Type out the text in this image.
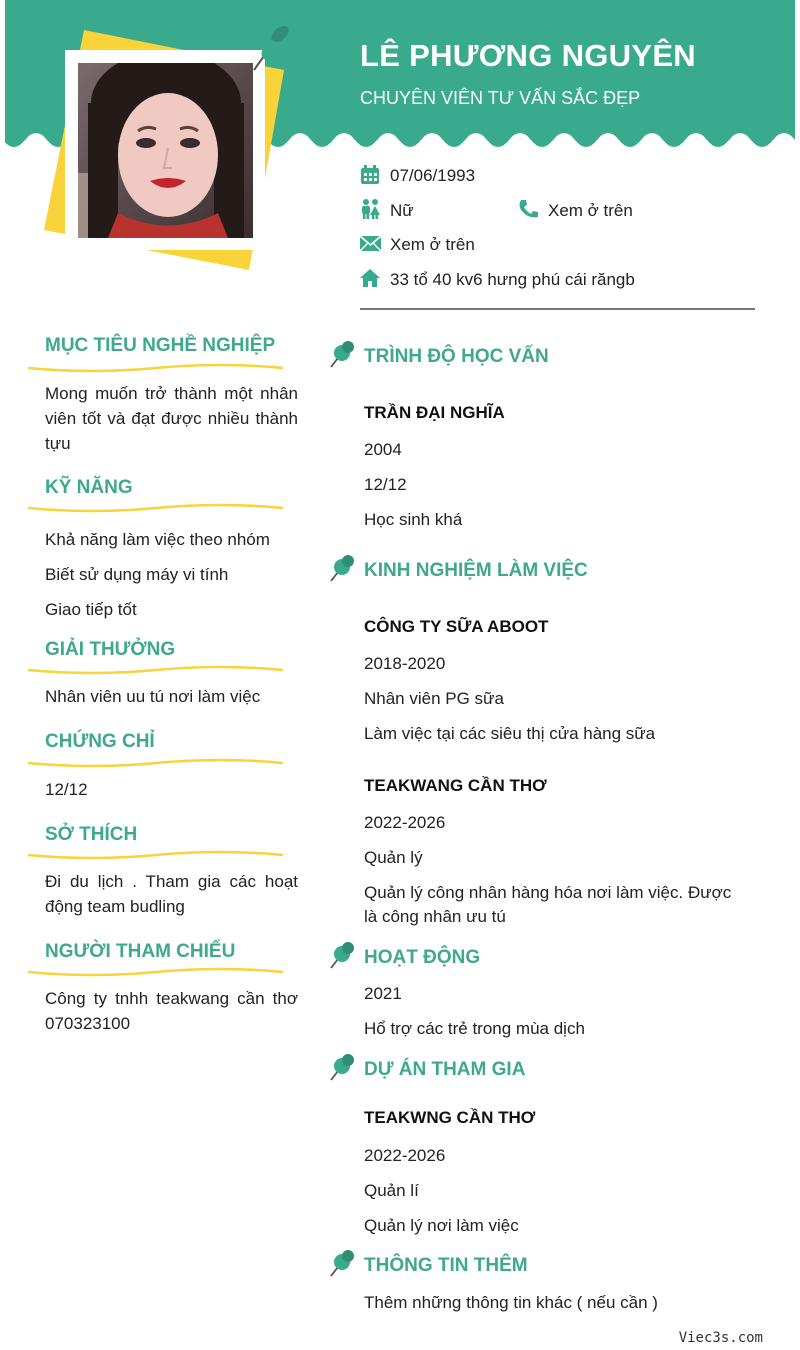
LÊ PHƯƠNG NGUYÊN
CHUYÊN VIÊN TƯ VẤN SẮC ĐẸP
07/06/1993
Nữ	Xem ở trên
Xem ở trên
33 tổ 40 kv6 hưng phú cái răngb
MỤC TIÊU NGHỀ NGHIỆP
Mong muốn trở thành một nhân viên tốt và đạt được nhiều thành tựu
KỸ NĂNG
Khả năng làm việc theo nhóm
Biết sử dụng máy vi tính
Giao tiếp tốt
GIẢI THƯỞNG
Nhân viên uu tú nơi làm việc
CHỨNG CHỈ
12/12
SỞ THÍCH
Đi du lịch . Tham gia các hoạt động team budling
NGƯỜI THAM CHIẾU
Công ty tnhh teakwang cần thơ 070323100
TRÌNH ĐỘ HỌC VẤN
TRẦN ĐẠI NGHĨA
2004
12/12
Học sinh khá
KINH NGHIỆM LÀM VIỆC
CÔNG TY SỮA ABOOT
2018-2020
Nhân viên PG sữa
Làm việc tại các siêu thị cửa hàng sữa
TEAKWANG CẦN THƠ
2022-2026
Quản lý
Quản lý công nhân hàng hóa nơi làm việc. Được là công nhân ưu tú
HOẠT ĐỘNG
2021
Hổ trợ các trẻ trong mùa dịch
DỰ ÁN THAM GIA
TEAKWNG CẦN THƠ
2022-2026
Quản lí
Quản lý nơi làm việc
THÔNG TIN THÊM
Thêm những thông tin khác ( nếu cần )
Viec3s.com
